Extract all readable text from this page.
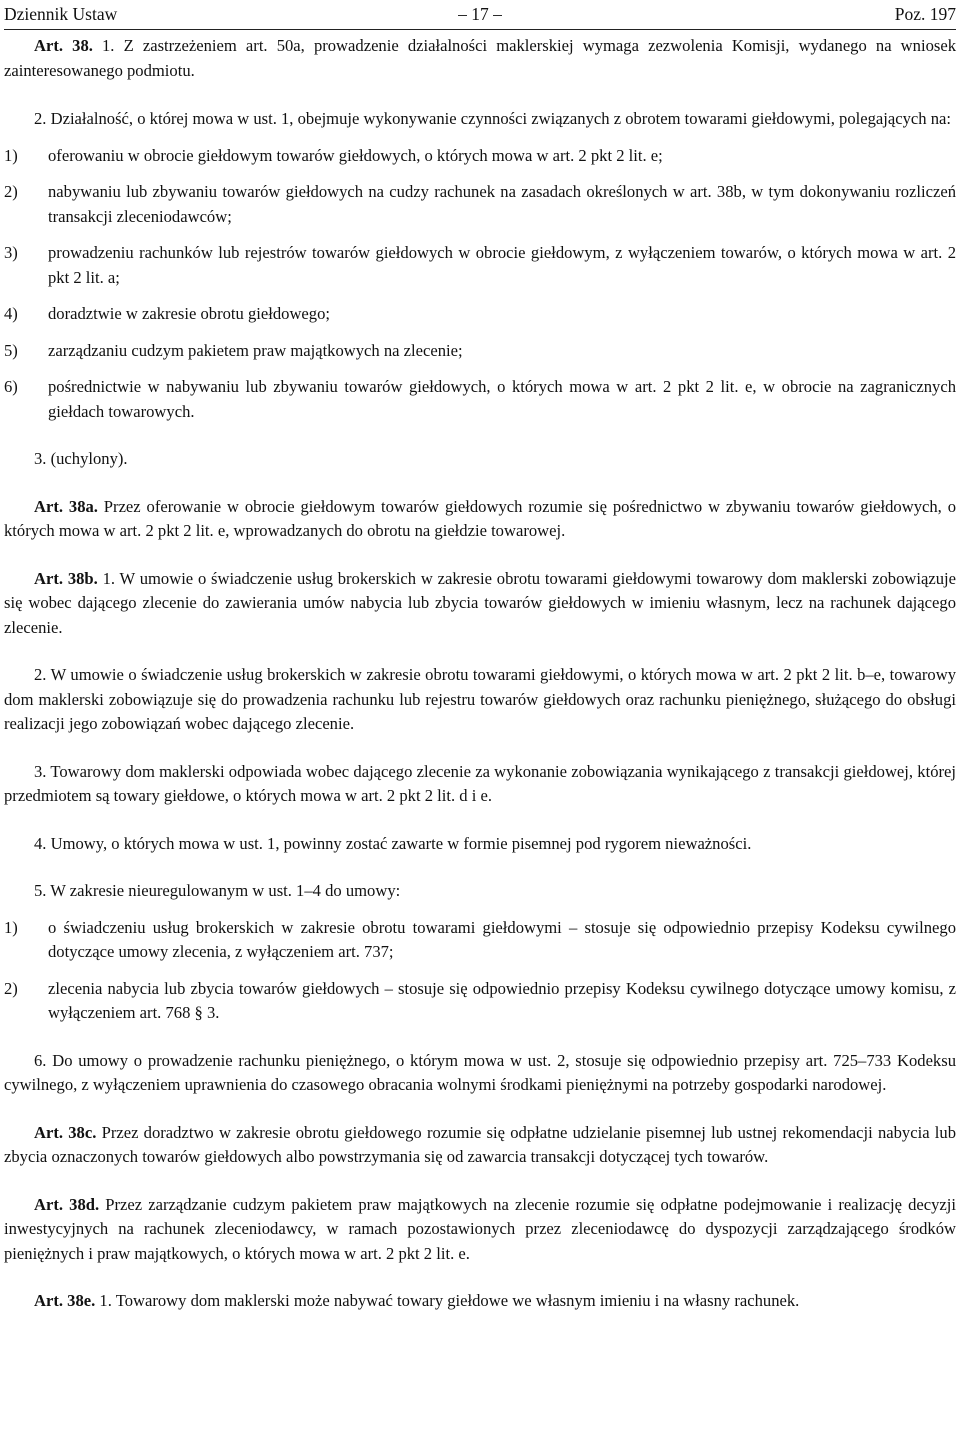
Dziennik Ustaw	– 17 –	Poz. 197

Art. 38. 1. Z zastrzeżeniem art. 50a, prowadzenie działalności maklerskiej wymaga zezwolenia Komisji, wydanego na wniosek zainteresowanego podmiotu.

2. Działalność, o której mowa w ust. 1, obejmuje wykonywanie czynności związanych z obrotem towarami giełdowymi, polegających na:

1) oferowaniu w obrocie giełdowym towarów giełdowych, o których mowa w art. 2 pkt 2 lit. e;

2) nabywaniu lub zbywaniu towarów giełdowych na cudzy rachunek na zasadach określonych w art. 38b, w tym dokonywaniu rozliczeń transakcji zleceniodawców;

3) prowadzeniu rachunków lub rejestrów towarów giełdowych w obrocie giełdowym, z wyłączeniem towarów, o których mowa w art. 2 pkt 2 lit. a;

4) doradztwie w zakresie obrotu giełdowego;

5) zarządzaniu cudzym pakietem praw majątkowych na zlecenie;

6) pośrednictwie w nabywaniu lub zbywaniu towarów giełdowych, o których mowa w art. 2 pkt 2 lit. e, w obrocie na zagranicznych giełdach towarowych.

3. (uchylony).

Art. 38a. Przez oferowanie w obrocie giełdowym towarów giełdowych rozumie się pośrednictwo w zbywaniu towarów giełdowych, o których mowa w art. 2 pkt 2 lit. e, wprowadzanych do obrotu na giełdzie towarowej.

Art. 38b. 1. W umowie o świadczenie usług brokerskich w zakresie obrotu towarami giełdowymi towarowy dom maklerski zobowiązuje się wobec dającego zlecenie do zawierania umów nabycia lub zbycia towarów giełdowych w imieniu własnym, lecz na rachunek dającego zlecenie.

2. W umowie o świadczenie usług brokerskich w zakresie obrotu towarami giełdowymi, o których mowa w art. 2 pkt 2 lit. b–e, towarowy dom maklerski zobowiązuje się do prowadzenia rachunku lub rejestru towarów giełdowych oraz rachunku pieniężnego, służącego do obsługi realizacji jego zobowiązań wobec dającego zlecenie.

3. Towarowy dom maklerski odpowiada wobec dającego zlecenie za wykonanie zobowiązania wynikającego z transakcji giełdowej, której przedmiotem są towary giełdowe, o których mowa w art. 2 pkt 2 lit. d i e.

4. Umowy, o których mowa w ust. 1, powinny zostać zawarte w formie pisemnej pod rygorem nieważności.

5. W zakresie nieuregulowanym w ust. 1–4 do umowy:

1) o świadczeniu usług brokerskich w zakresie obrotu towarami giełdowymi – stosuje się odpowiednio przepisy Kodeksu cywilnego dotyczące umowy zlecenia, z wyłączeniem art. 737;

2) zlecenia nabycia lub zbycia towarów giełdowych – stosuje się odpowiednio przepisy Kodeksu cywilnego dotyczące umowy komisu, z wyłączeniem art. 768 § 3.

6. Do umowy o prowadzenie rachunku pieniężnego, o którym mowa w ust. 2, stosuje się odpowiednio przepisy art. 725–733 Kodeksu cywilnego, z wyłączeniem uprawnienia do czasowego obracania wolnymi środkami pieniężnymi na potrzeby gospodarki narodowej.

Art. 38c. Przez doradztwo w zakresie obrotu giełdowego rozumie się odpłatne udzielanie pisemnej lub ustnej rekomendacji nabycia lub zbycia oznaczonych towarów giełdowych albo powstrzymania się od zawarcia transakcji dotyczącej tych towarów.

Art. 38d. Przez zarządzanie cudzym pakietem praw majątkowych na zlecenie rozumie się odpłatne podejmowanie i realizację decyzji inwestycyjnych na rachunek zleceniodawcy, w ramach pozostawionych przez zleceniodawcę do dyspozycji zarządzającego środków pieniężnych i praw majątkowych, o których mowa w art. 2 pkt 2 lit. e.

Art. 38e. 1. Towarowy dom maklerski może nabywać towary giełdowe we własnym imieniu i na własny rachunek.
